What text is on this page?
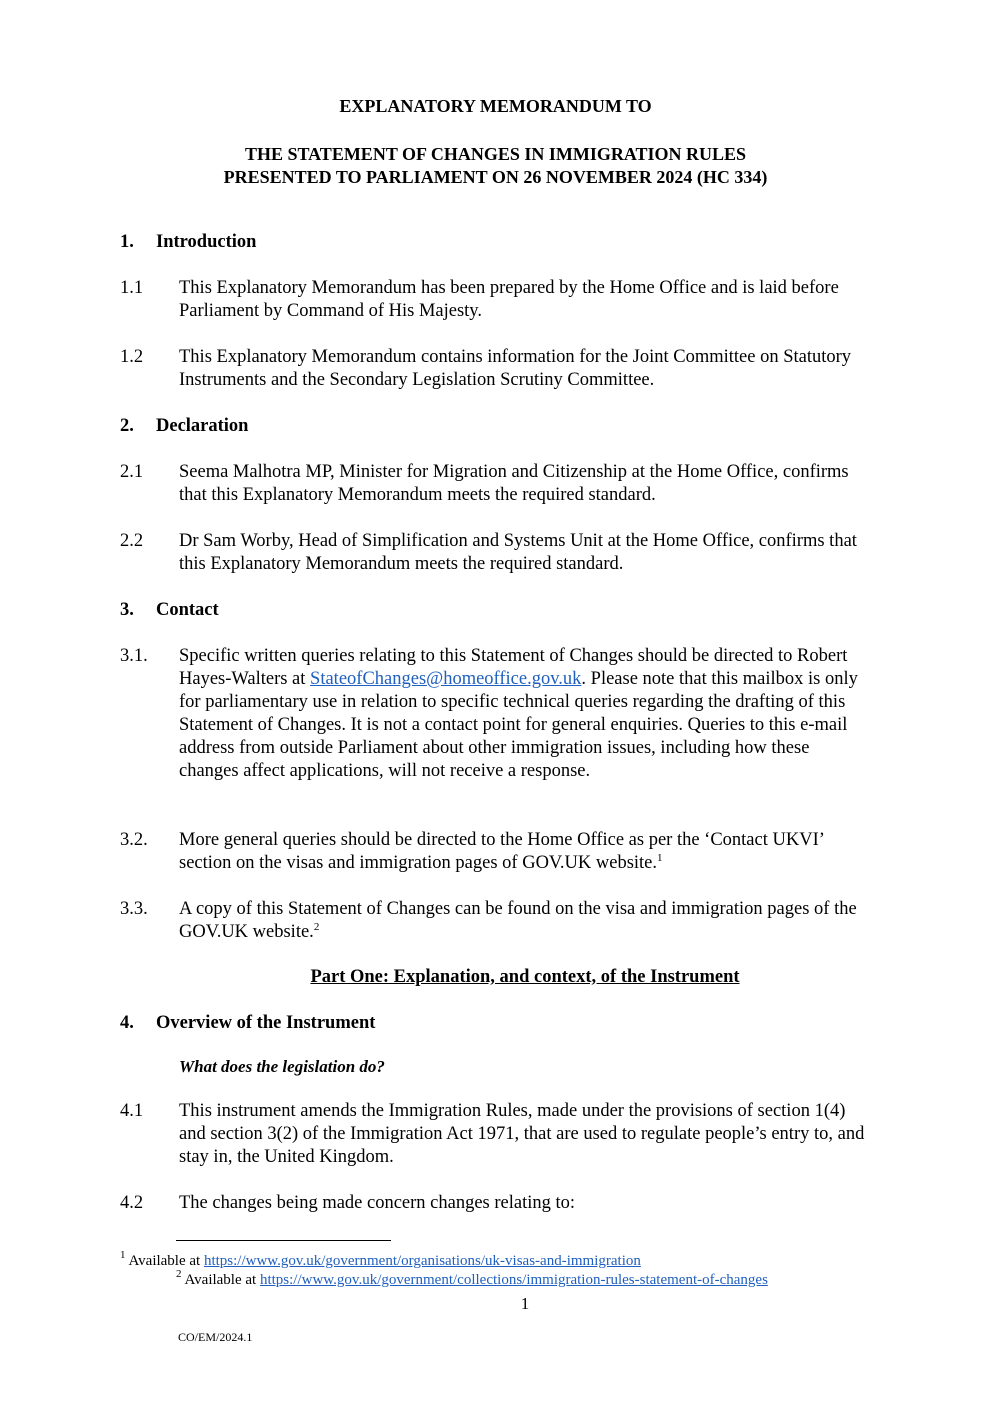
EXPLANATORY MEMORANDUM TO
THE STATEMENT OF CHANGES IN IMMIGRATION RULES
PRESENTED TO PARLIAMENT ON 26 NOVEMBER 2024 (HC 334)
1. Introduction
1.1 This Explanatory Memorandum has been prepared by the Home Office and is laid before Parliament by Command of His Majesty.
1.2 This Explanatory Memorandum contains information for the Joint Committee on Statutory Instruments and the Secondary Legislation Scrutiny Committee.
2. Declaration
2.1 Seema Malhotra MP, Minister for Migration and Citizenship at the Home Office, confirms that this Explanatory Memorandum meets the required standard.
2.2 Dr Sam Worby, Head of Simplification and Systems Unit at the Home Office, confirms that this Explanatory Memorandum meets the required standard.
3. Contact
3.1. Specific written queries relating to this Statement of Changes should be directed to Robert Hayes-Walters at StateofChanges@homeoffice.gov.uk. Please note that this mailbox is only for parliamentary use in relation to specific technical queries regarding the drafting of this Statement of Changes. It is not a contact point for general enquiries. Queries to this e-mail address from outside Parliament about other immigration issues, including how these changes affect applications, will not receive a response.
3.2. More general queries should be directed to the Home Office as per the ‘Contact UKVI’ section on the visas and immigration pages of GOV.UK website.$^1$
3.3. A copy of this Statement of Changes can be found on the visa and immigration pages of the GOV.UK website.$^2$
Part One: Explanation, and context, of the Instrument
4. Overview of the Instrument
What does the legislation do?
4.1 This instrument amends the Immigration Rules, made under the provisions of section 1(4) and section 3(2) of the Immigration Act 1971, that are used to regulate people’s entry to, and stay in, the United Kingdom.
4.2 The changes being made concern changes relating to:
$^1$ Available at https://www.gov.uk/government/organisations/uk-visas-and-immigration
$^2$ Available at https://www.gov.uk/government/collections/immigration-rules-statement-of-changes
1
CO/EM/2024.1
